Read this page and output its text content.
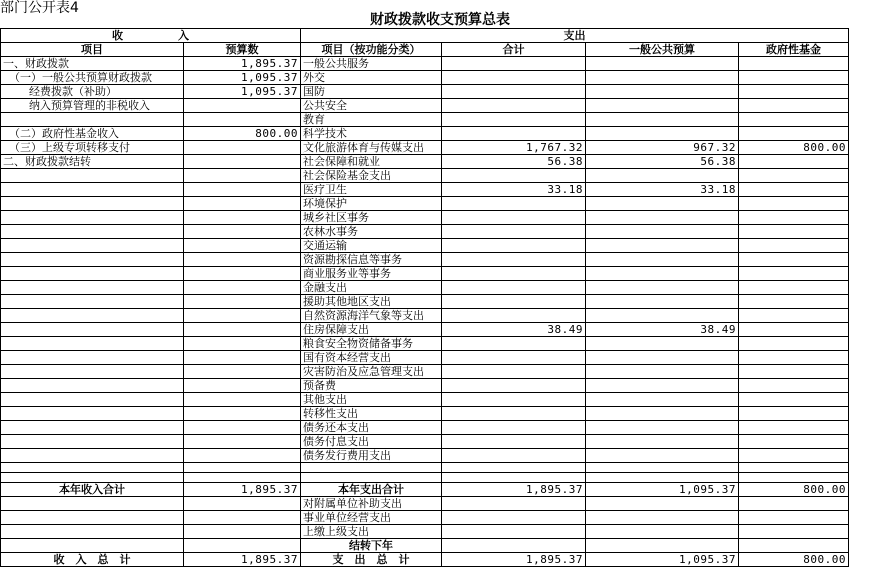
部门公开表4
财政拨款收支预算总表
收　　　　　入		支出			
项目	预算数	项目（按功能分类）	合计	一般公共预算	政府性基金
一、财政拨款	1,895.37	一般公共服务			
（一）一般公共预算财政拨款	1,095.37	外交			
经费拨款（补助）	1,095.37	国防			
纳入预算管理的非税收入		公共安全			
		教育			
（二）政府性基金收入	800.00	科学技术			
（三）上级专项转移支付		文化旅游体育与传媒支出	1,767.32	967.32	800.00
二、财政拨款结转		社会保障和就业	56.38	56.38	
		社会保险基金支出			
		医疗卫生	33.18	33.18	
		环境保护			
		城乡社区事务			
		农林水事务			
		交通运输			
		资源勘探信息等事务			
		商业服务业等事务			
		金融支出			
		援助其他地区支出			
		自然资源海洋气象等支出			
		住房保障支出	38.49	38.49	
		粮食安全物资储备事务			
		国有资本经营支出			
		灾害防治及应急管理支出			
		预备费			
		其他支出			
		转移性支出			
		债务还本支出			
		债务付息支出			
		债务发行费用支出			

本年收入合计	1,895.37	本年支出合计	1,895.37	1,095.37	800.00
		对附属单位补助支出			
		事业单位经营支出			
		上缴上级支出			
		结转下年			
收　入　总　计	1,895.37	支　出　总　计	1,895.37	1,095.37	800.00
